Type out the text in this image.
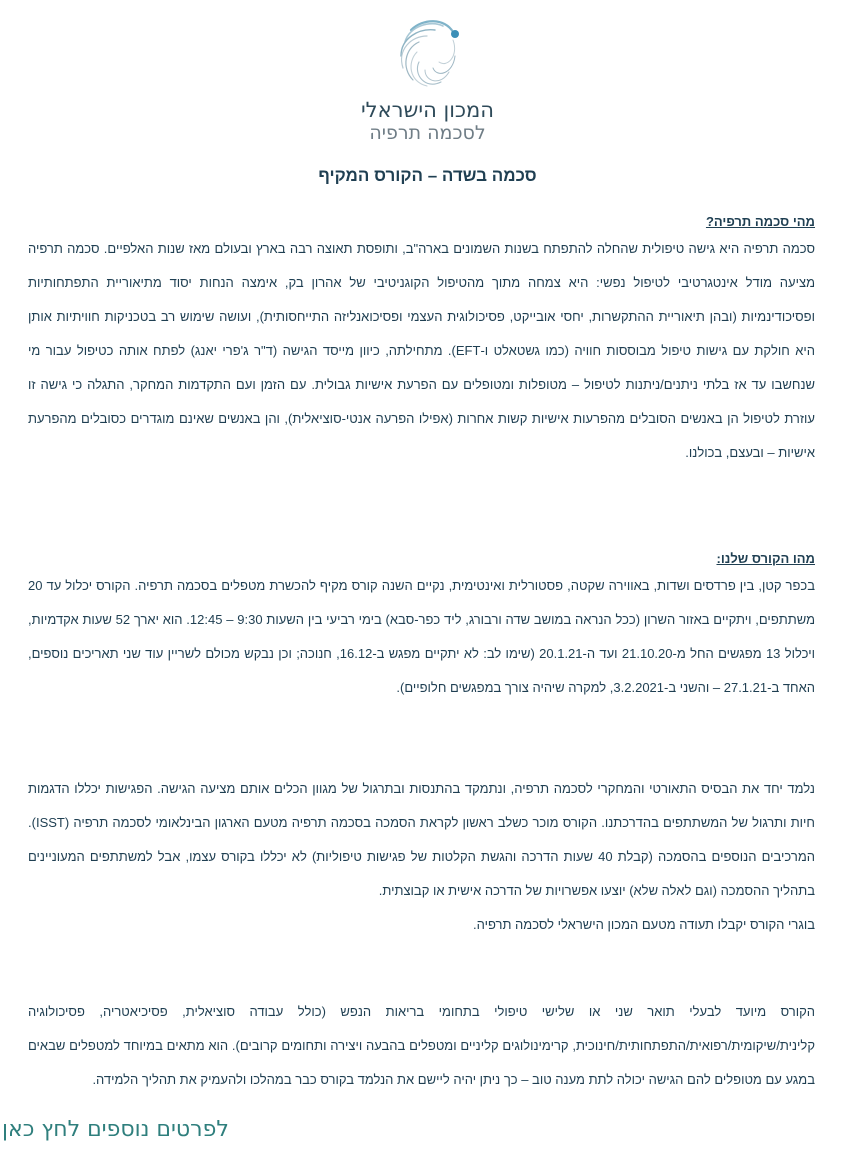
המכון הישראלי
לסכמה תרפיה
סכמה בשדה – הקורס המקיף
מהי סכמה תרפיה?

סכמה תרפיה היא גישה טיפולית שהחלה להתפתח בשנות השמונים בארה"ב, ותופסת תאוצה רבה בארץ ובעולם מאז שנות האלפיים. סכמה תרפיה מציעה מודל אינטגרטיבי לטיפול נפשי: היא צמחה מתוך מהטיפול הקוגניטיבי של אהרון בק, אימצה הנחות יסוד מתיאוריית התפתחותיות ופסיכודינמיות (ובהן תיאוריית ההתקשרות, יחסי אובייקט, פסיכולוגית העצמי ופסיכואנליזה התייחסותית), ועושה שימוש רב בטכניקות חוויתיות אותן היא חולקת עם גישות טיפול מבוססות חוויה (כמו גשטאלט ו-EFT). מתחילתה, כיוון מייסד הגישה (ד"ר ג'פרי יאנג) לפתח אותה כטיפול עבור מי שנחשבו עד אז בלתי ניתנים/ניתנות לטיפול – מטופלות ומטופלים עם הפרעת אישיות גבולית. עם הזמן ועם התקדמות המחקר, התגלה כי גישה זו עוזרת לטיפול הן באנשים הסובלים מהפרעות אישיות קשות אחרות (אפילו הפרעה אנטי-סוציאלית), והן באנשים שאינם מוגדרים כסובלים מהפרעת אישיות – ובעצם, בכולנו.

מהו הקורס שלנו:

בכפר קטן, בין פרדסים ושדות, באווירה שקטה, פסטורלית ואינטימית, נקיים השנה קורס מקיף להכשרת מטפלים בסכמה תרפיה. הקורס יכלול עד 20 משתתפים, ויתקיים באזור השרון (ככל הנראה במושב שדה ורבורג, ליד כפר-סבא) בימי רביעי בין השעות 9:30 – 12:45. הוא יארך 52 שעות אקדמיות, ויכלול 13 מפגשים החל מ-21.10.20 ועד ה-20.1.21 (שימו לב: לא יתקיים מפגש ב-16.12, חנוכה; וכן נבקש מכולם לשריין עוד שני תאריכים נוספים, האחד ב-27.1.21 – והשני ב-3.2.2021, למקרה שיהיה צורך במפגשים חלופיים).

נלמד יחד את הבסיס התאורטי והמחקרי לסכמה תרפיה, ונתמקד בהתנסות ובתרגול של מגוון הכלים אותם מציעה הגישה. הפגישות יכללו הדגמות חיות ותרגול של המשתתפים בהדרכתנו. הקורס מוכר כשלב ראשון לקראת הסמכה בסכמה תרפיה מטעם הארגון הבינלאומי לסכמה תרפיה (ISST). המרכיבים הנוספים בהסמכה (קבלת 40 שעות הדרכה והגשת הקלטות של פגישות טיפוליות) לא יכללו בקורס עצמו, אבל למשתתפים המעוניינים בתהליך ההסמכה (וגם לאלה שלא) יוצעו אפשרויות של הדרכה אישית או קבוצתית.

בוגרי הקורס יקבלו תעודה מטעם המכון הישראלי לסכמה תרפיה.

הקורס מיועד לבעלי תואר שני או שלישי טיפולי בתחומי בריאות הנפש (כולל עבודה סוציאלית, פסיכיאטריה, פסיכולוגיה קלינית/שיקומית/רפואית/התפתחותית/חינוכית, קרימינולוגים קליניים ומטפלים בהבעה ויצירה ותחומים קרובים). הוא מתאים במיוחד למטפלים שבאים במגע עם מטופלים להם הגישה יכולה לתת מענה טוב – כך ניתן יהיה ליישם את הנלמד בקורס כבר במהלכו ולהעמיק את תהליך הלמידה.

לפרטים נוספים לחץ כאן
